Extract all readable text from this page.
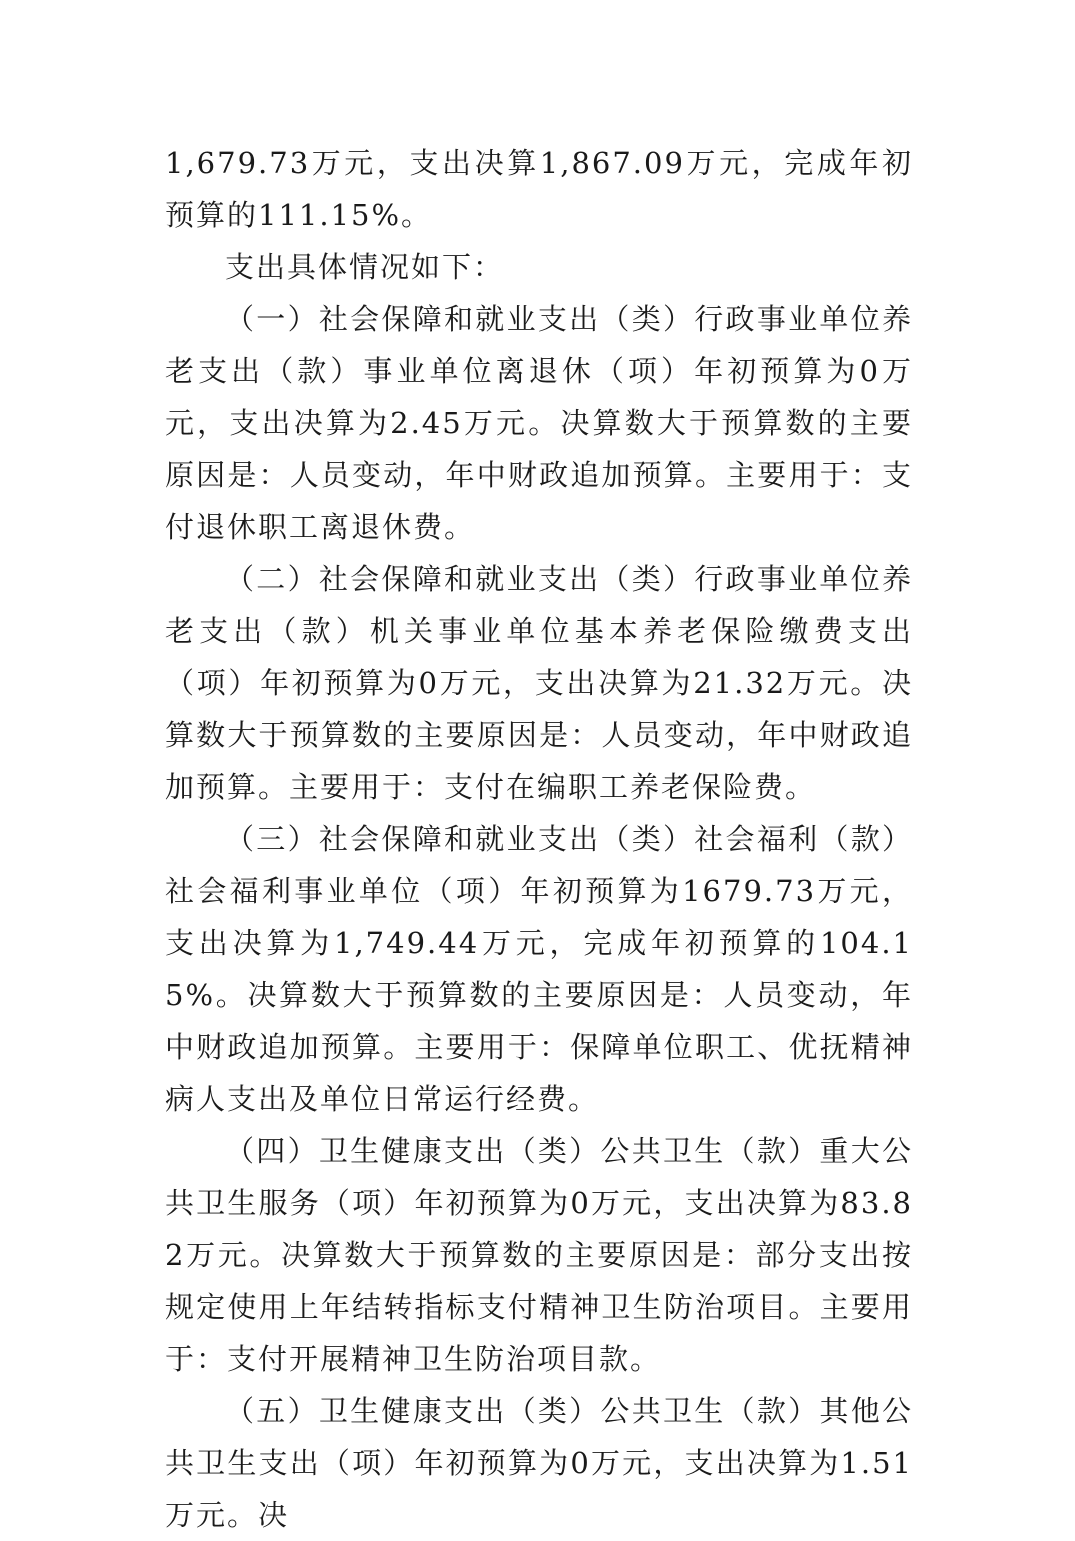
1,679.73万元，支出决算1,867.09万元，完成年初预算的111.15%。

支出具体情况如下：

（一）社会保障和就业支出（类）行政事业单位养老支出（款）事业单位离退休（项）年初预算为0万元，支出决算为2.45万元。决算数大于预算数的主要原因是：人员变动，年中财政追加预算。主要用于：支付退休职工离退休费。

（二）社会保障和就业支出（类）行政事业单位养老支出（款）机关事业单位基本养老保险缴费支出（项）年初预算为0万元，支出决算为21.32万元。决算数大于预算数的主要原因是：人员变动，年中财政追加预算。主要用于：支付在编职工养老保险费。

（三）社会保障和就业支出（类）社会福利（款）社会福利事业单位（项）年初预算为1679.73万元，支出决算为1,749.44万元，完成年初预算的104.15%。决算数大于预算数的主要原因是：人员变动，年中财政追加预算。主要用于：保障单位职工、优抚精神病人支出及单位日常运行经费。

（四）卫生健康支出（类）公共卫生（款）重大公共卫生服务（项）年初预算为0万元，支出决算为83.82万元。决算数大于预算数的主要原因是：部分支出按规定使用上年结转指标支付精神卫生防治项目。主要用于：支付开展精神卫生防治项目款。

（五）卫生健康支出（类）公共卫生（款）其他公共卫生支出（项）年初预算为0万元，支出决算为1.51万元。决
